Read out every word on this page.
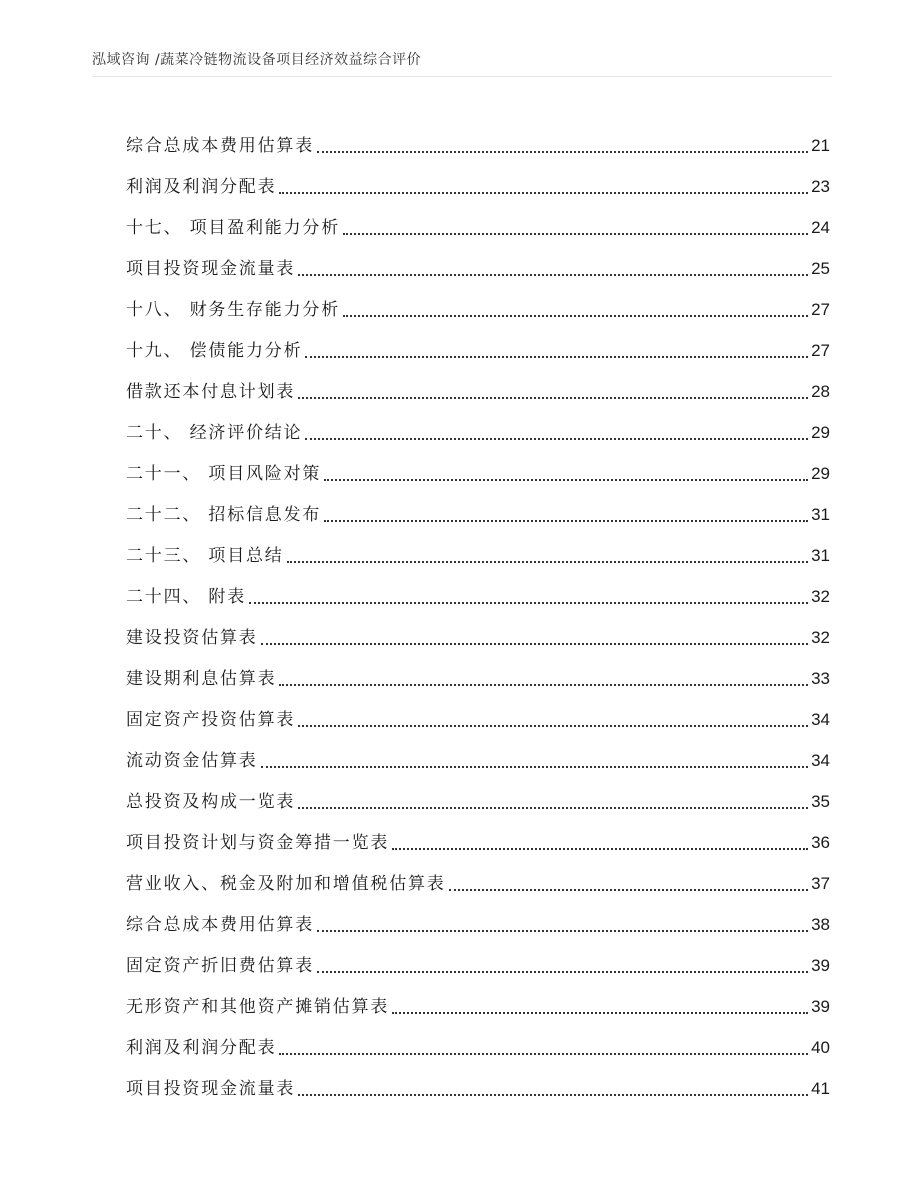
泓域咨询 /蔬菜冷链物流设备项目经济效益综合评价
综合总成本费用估算表	21
利润及利润分配表	23
十七、 项目盈利能力分析	24
项目投资现金流量表	25
十八、 财务生存能力分析	27
十九、 偿债能力分析	27
借款还本付息计划表	28
二十、 经济评价结论	29
二十一、 项目风险对策	29
二十二、 招标信息发布	31
二十三、 项目总结	31
二十四、 附表	32
建设投资估算表	32
建设期利息估算表	33
固定资产投资估算表	34
流动资金估算表	34
总投资及构成一览表	35
项目投资计划与资金筹措一览表	36
营业收入、税金及附加和增值税估算表	37
综合总成本费用估算表	38
固定资产折旧费估算表	39
无形资产和其他资产摊销估算表	39
利润及利润分配表	40
项目投资现金流量表	41
